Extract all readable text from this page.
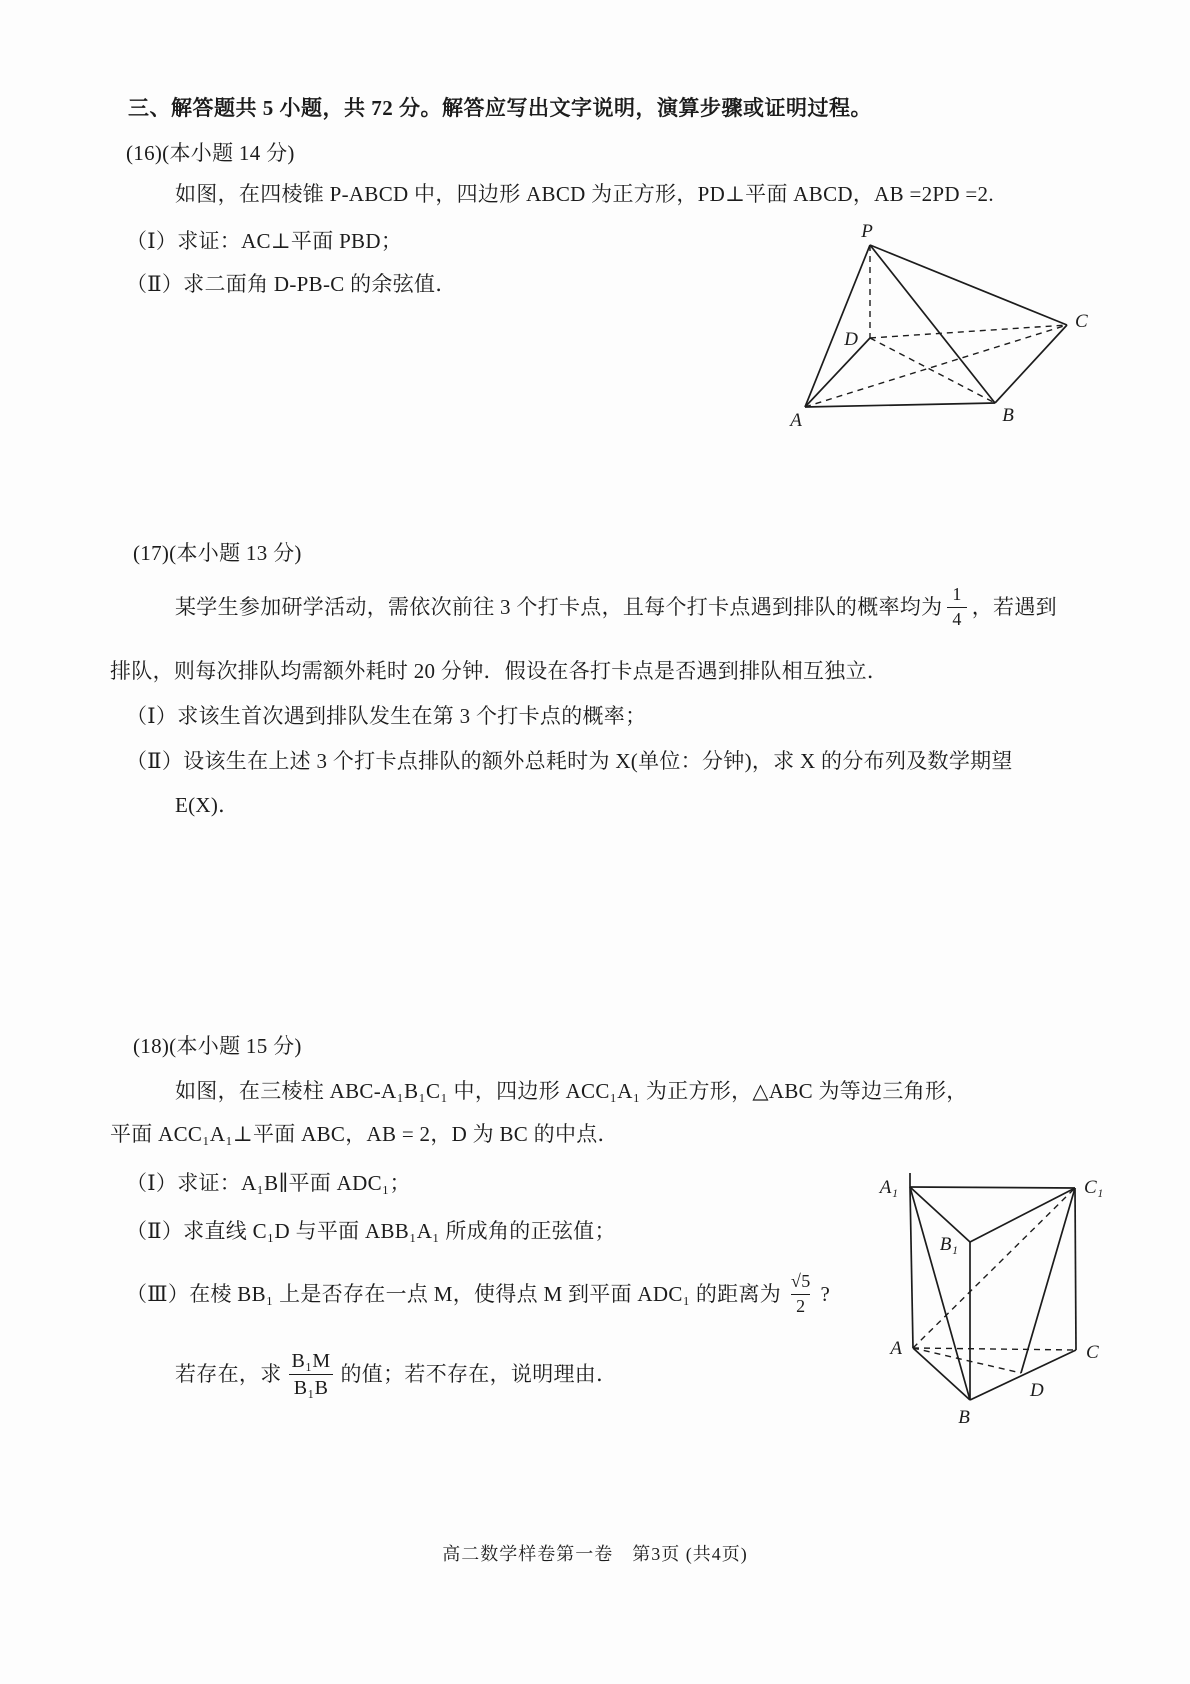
三、解答题共 5 小题，共 72 分。解答应写出文字说明，演算步骤或证明过程。
(16)(本小题 14 分)
如图，在四棱锥 P-ABCD 中，四边形 ABCD 为正方形，PD⊥平面 ABCD，AB =2PD =2.
（Ⅰ）求证：AC⊥平面 PBD；
（Ⅱ）求二面角 D-PB-C 的余弦值．
P
D
A	B
C
(17)(本小题 13 分)
某学生参加研学活动，需依次前往 3 个打卡点，且每个打卡点遇到排队的概率均为 $\frac{1}{4}$ ，若遇到
排队，则每次排队均需额外耗时 20 分钟．假设在各打卡点是否遇到排队相互独立．
（Ⅰ）求该生首次遇到排队发生在第 3 个打卡点的概率；
（Ⅱ）设该生在上述 3 个打卡点排队的额外总耗时为 X(单位：分钟)，求 X 的分布列及数学期望
E(X)．
(18)(本小题 15 分)
如图，在三棱柱 ABC-A₁B₁C₁ 中，四边形 ACC₁A₁ 为正方形，△ABC 为等边三角形，
平面 ACC₁A₁⊥平面 ABC，AB = 2，D 为 BC 的中点．
（Ⅰ）求证：A₁B∥平面 ADC₁；
（Ⅱ）求直线 C₁D 与平面 ABB₁A₁ 所成角的正弦值；
（Ⅲ）在棱 BB₁ 上是否存在一点 M，使得点 M 到平面 ADC₁ 的距离为 $\frac{√5}{2}$ ?
若存在，求 $\frac{\text{B₁M}}{\text{B₁B}}$ 的值；若不存在，说明理由．
A₁	C₁
B₁
A	C
B
D
高二数学样卷第一卷　第3页 (共4页)
